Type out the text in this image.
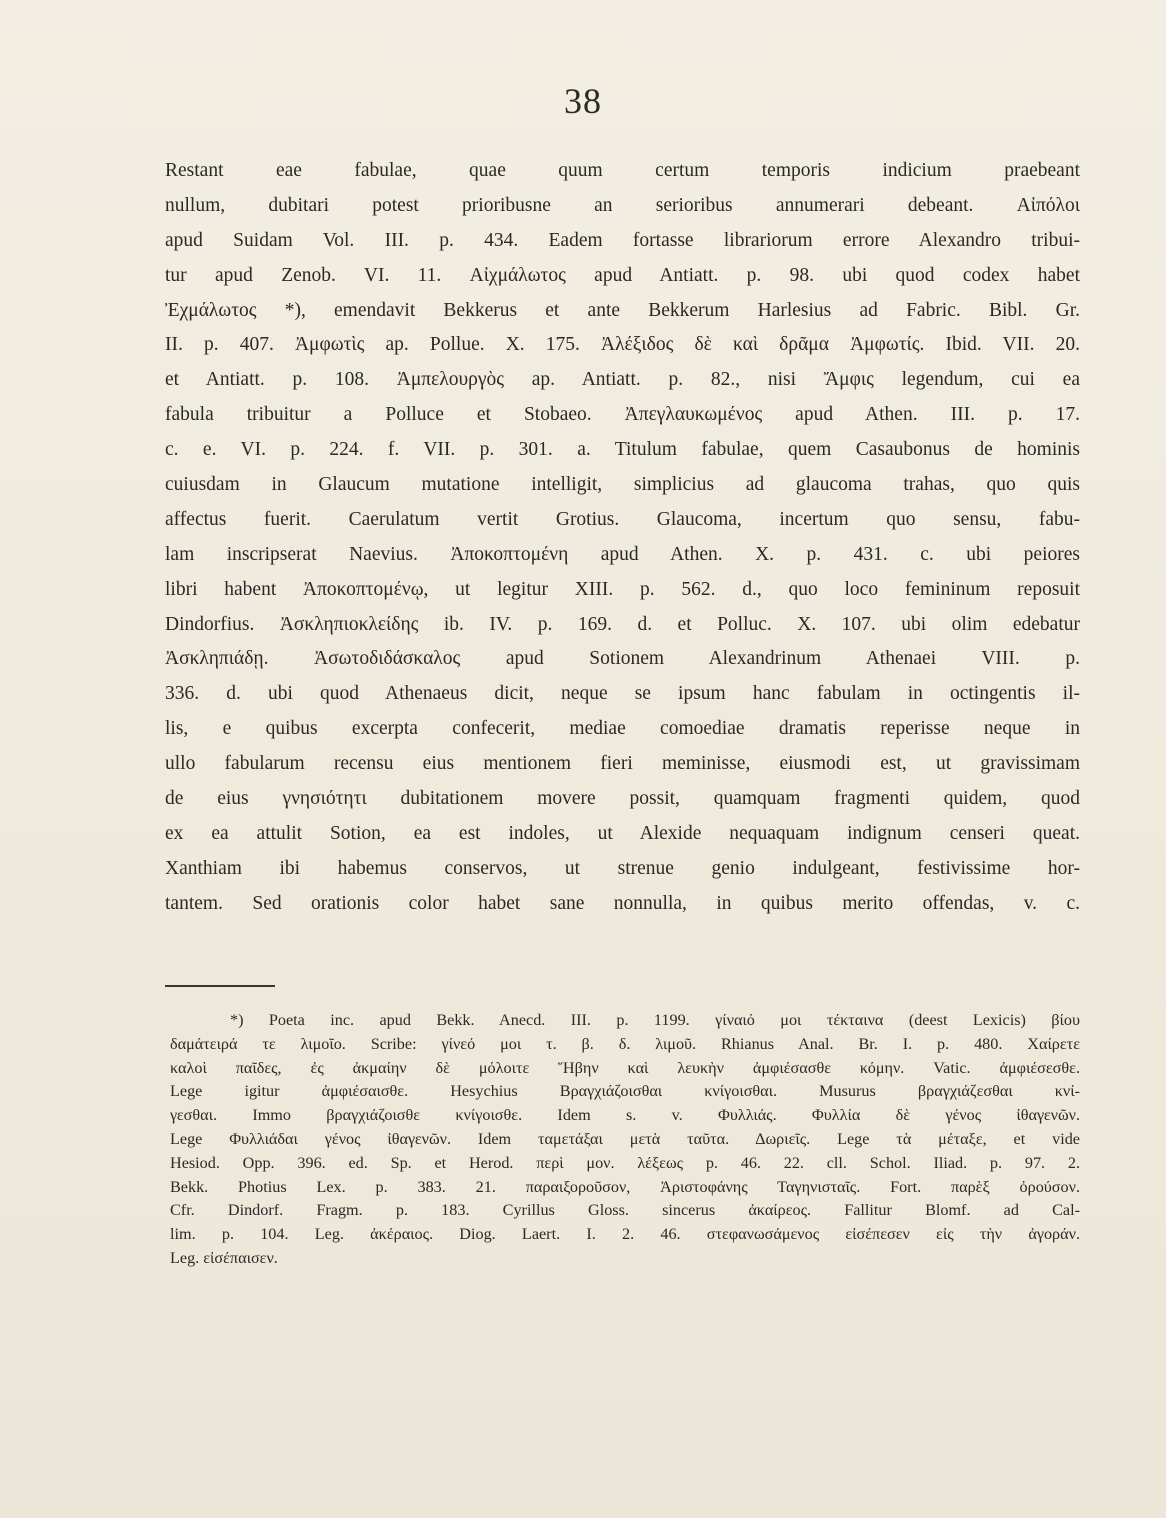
38
Restant eae fabulae, quae quum certum temporis indicium praebeant
nullum, dubitari potest prioribusne an serioribus annumerari debeant. Αἰπόλοι
apud Suidam Vol. III. p. 434. Eadem fortasse librariorum errore Alexandro tribui-
tur apud Zenob. VI. 11. Αἰχμάλωτος apud Antiatt. p. 98. ubi quod codex habet
Ἐχμάλωτος *), emendavit Bekkerus et ante Bekkerum Harlesius ad Fabric. Bibl. Gr.
II. p. 407. Ἀμφωτὶς ap. Pollue. X. 175. Ἀλέξιδος δὲ καὶ δρᾶμα Ἀμφωτίς. Ibid. VII. 20.
et Antiatt. p. 108. Ἀμπελουργὸς ap. Antiatt. p. 82., nisi Ἄμφις legendum, cui ea
fabula tribuitur a Polluce et Stobaeo. Ἀπεγλαυκωμένος apud Athen. III. p. 17.
c. e. VI. p. 224. f. VII. p. 301. a. Titulum fabulae, quem Casaubonus de hominis
cuiusdam in Glaucum mutatione intelligit, simplicius ad glaucoma trahas, quo quis
affectus fuerit. Caerulatum vertit Grotius. Glaucoma, incertum quo sensu, fabu-
lam inscripserat Naevius. Ἀποκοπτομένη apud Athen. X. p. 431. c. ubi peiores
libri habent Ἀποκοπτομένῳ, ut legitur XIII. p. 562. d., quo loco femininum reposuit
Dindorfius. Ἀσκληπιοκλείδης ib. IV. p. 169. d. et Polluc. X. 107. ubi olim edebatur
Ἀσκληπιάδῃ. Ἀσωτοδιδάσκαλος apud Sotionem Alexandrinum Athenaei VIII. p.
336. d. ubi quod Athenaeus dicit, neque se ipsum hanc fabulam in octingentis il-
lis, e quibus excerpta confecerit, mediae comoediae dramatis reperisse neque in
ullo fabularum recensu eius mentionem fieri meminisse, eiusmodi est, ut gravissimam
de eius γνησιότητι dubitationem movere possit, quamquam fragmenti quidem, quod
ex ea attulit Sotion, ea est indoles, ut Alexide nequaquam indignum censeri queat.
Xanthiam ibi habemus conservos, ut strenue genio indulgeant, festivissime hor-
tantem. Sed orationis color habet sane nonnulla, in quibus merito offendas, v. c.
*) Poeta inc. apud Bekk. Anecd. III. p. 1199. γίναιό μοι τέκταινα (deest Lexicis) βίου
δαμάτειρά τε λιμοῖο. Scribe: γίνεό μοι τ. β. δ. λιμοῦ. Rhianus Anal. Br. I. p. 480. Χαίρετε
καλοὶ παῖδες, ἐς ἀκμαίην δὲ μόλοιτε Ἥβην καὶ λευκὴν ἀμφιέσασθε κόμην. Vatic. ἀμφιέσεσθε.
Lege igitur ἀμφιέσαισθε. Hesychius Βραγχιάζοισθαι κνίγοισθαι. Musurus βραγχιάζεσθαι κνί-
γεσθαι. Immo βραγχιάζοισθε κνίγοισθε. Idem s. v. Φυλλιάς. Φυλλία δὲ γένος ἰθαγενῶν.
Lege Φυλλιάδαι γένος ἰθαγενῶν. Idem ταμετάξαι μετὰ ταῦτα. Δωριεῖς. Lege τὰ μέταξε, et vide
Hesiod. Opp. 396. ed. Sp. et Herod. περὶ μον. λέξεως p. 46. 22. cll. Schol. Iliad. p. 97. 2.
Bekk. Photius Lex. p. 383. 21. παραιξοροῦσον, Ἀριστοφάνης Ταγηνισταῖς. Fort. παρὲξ ὀρούσον.
Cfr. Dindorf. Fragm. p. 183. Cyrillus Gloss. sincerus ἀκαίρεος. Fallitur Blomf. ad Cal-
lim. p. 104. Leg. ἀκέραιος. Diog. Laert. I. 2. 46. στεφανωσάμενος εἰσέπεσεν εἰς τὴν ἀγοράν.
Leg. εἰσέπαισεν.
